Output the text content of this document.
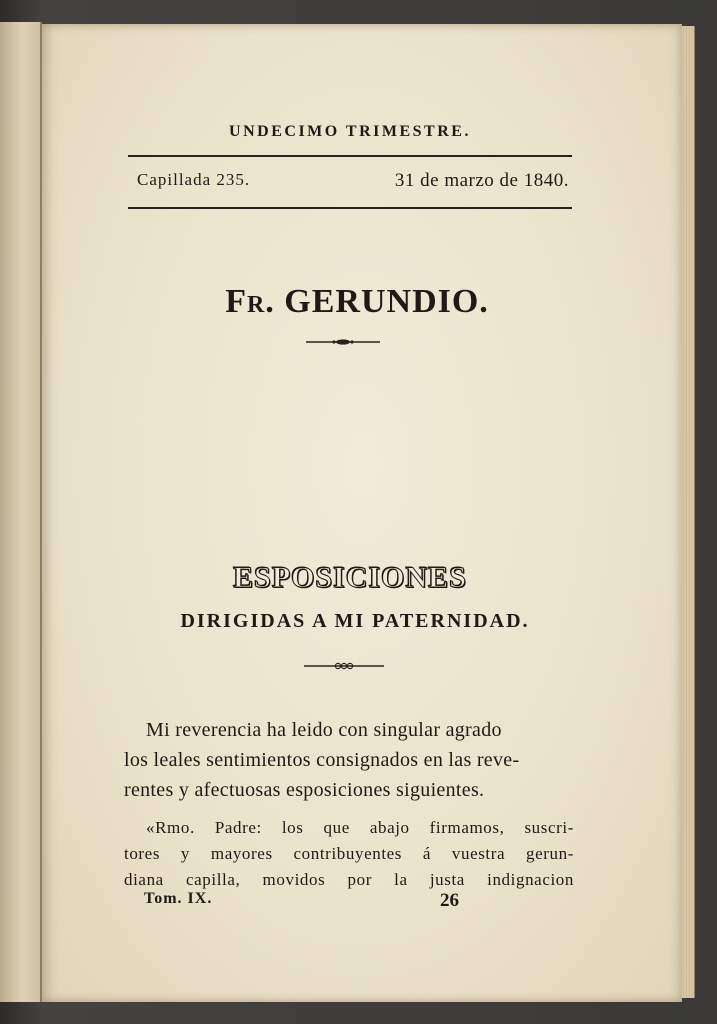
UNDECIMO TRIMESTRE.
Capillada 235.	31 de marzo de 1840.
Fr. GERUNDIO.
ESPOSICIONES
DIRIGIDAS A MI PATERNIDAD.
Mi reverencia ha leido con singular agrado
los leales sentimientos consignados en las reve-
rentes y afectuosas esposiciones siguientes.
«Rmo. Padre: los que abajo firmamos, suscri-
tores y mayores contribuyentes á vuestra gerun-
diana capilla, movidos por la justa indignacion
Tom. IX.	26
